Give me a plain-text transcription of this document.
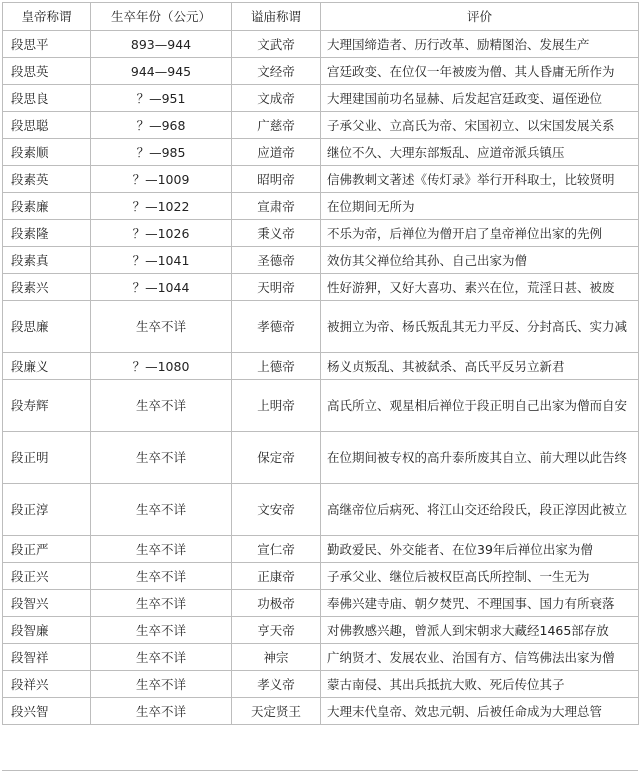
皇帝称谓	生卒年份（公元）	谥庙称谓	评价
段思平	893—944	文武帝	大理国缔造者、历行改革、励精图治、发展生产
段思英	944—945	文经帝	宫廷政变、在位仅一年被废为僧、其人昏庸无所作为
段思良	？—951	文成帝	大理建国前功名显赫、后发起宫廷政变、逼侄逊位
段思聪	？—968	广慈帝	子承父业、立高氏为帝、宋国初立、以宋国发展关系
段素顺	？—985	应道帝	继位不久、大理东部叛乱、应道帝派兵镇压
段素英	？—1009	昭明帝	信佛教刺文著述《传灯录》举行开科取士，比较贤明
段素廉	？—1022	宣肃帝	在位期间无所为
段素隆	？—1026	秉义帝	不乐为帝，后禅位为僧开启了皇帝禅位出家的先例
段素真	？—1041	圣德帝	效仿其父禅位给其孙、自己出家为僧
段素兴	？—1044	天明帝	性好游狎，又好大喜功、素兴在位，荒淫日甚、被废
段思廉	生卒不详	孝德帝	被拥立为帝、杨氏叛乱其无力平反、分封高氏、实力减
段廉义	？—1080	上德帝	杨义贞叛乱、其被弑杀、高氏平反另立新君
段寿辉	生卒不详	上明帝	高氏所立、观星相后禅位于段正明自己出家为僧而自安
段正明	生卒不详	保定帝	在位期间被专权的高升泰所废其自立、前大理以此告终
段正淳	生卒不详	文安帝	高继帝位后病死、将江山交还给段氏，段正淳因此被立
段正严	生卒不详	宣仁帝	勤政爱民、外交能者、在位39年后禅位出家为僧
段正兴	生卒不详	正康帝	子承父业、继位后被权臣高氏所控制、一生无为
段智兴	生卒不详	功极帝	奉佛兴建寺庙、朝夕焚咒、不理国事、国力有所衰落
段智廉	生卒不详	亨天帝	对佛教感兴趣，曾派人到宋朝求大藏经1465部存放
段智祥	生卒不详	神宗	广纳贤才、发展农业、治国有方、信笃佛法出家为僧
段祥兴	生卒不详	孝义帝	蒙古南侵、其出兵抵抗大败、死后传位其子
段兴智	生卒不详	天定贤王	大理末代皇帝、效忠元朝、后被任命成为大理总管
